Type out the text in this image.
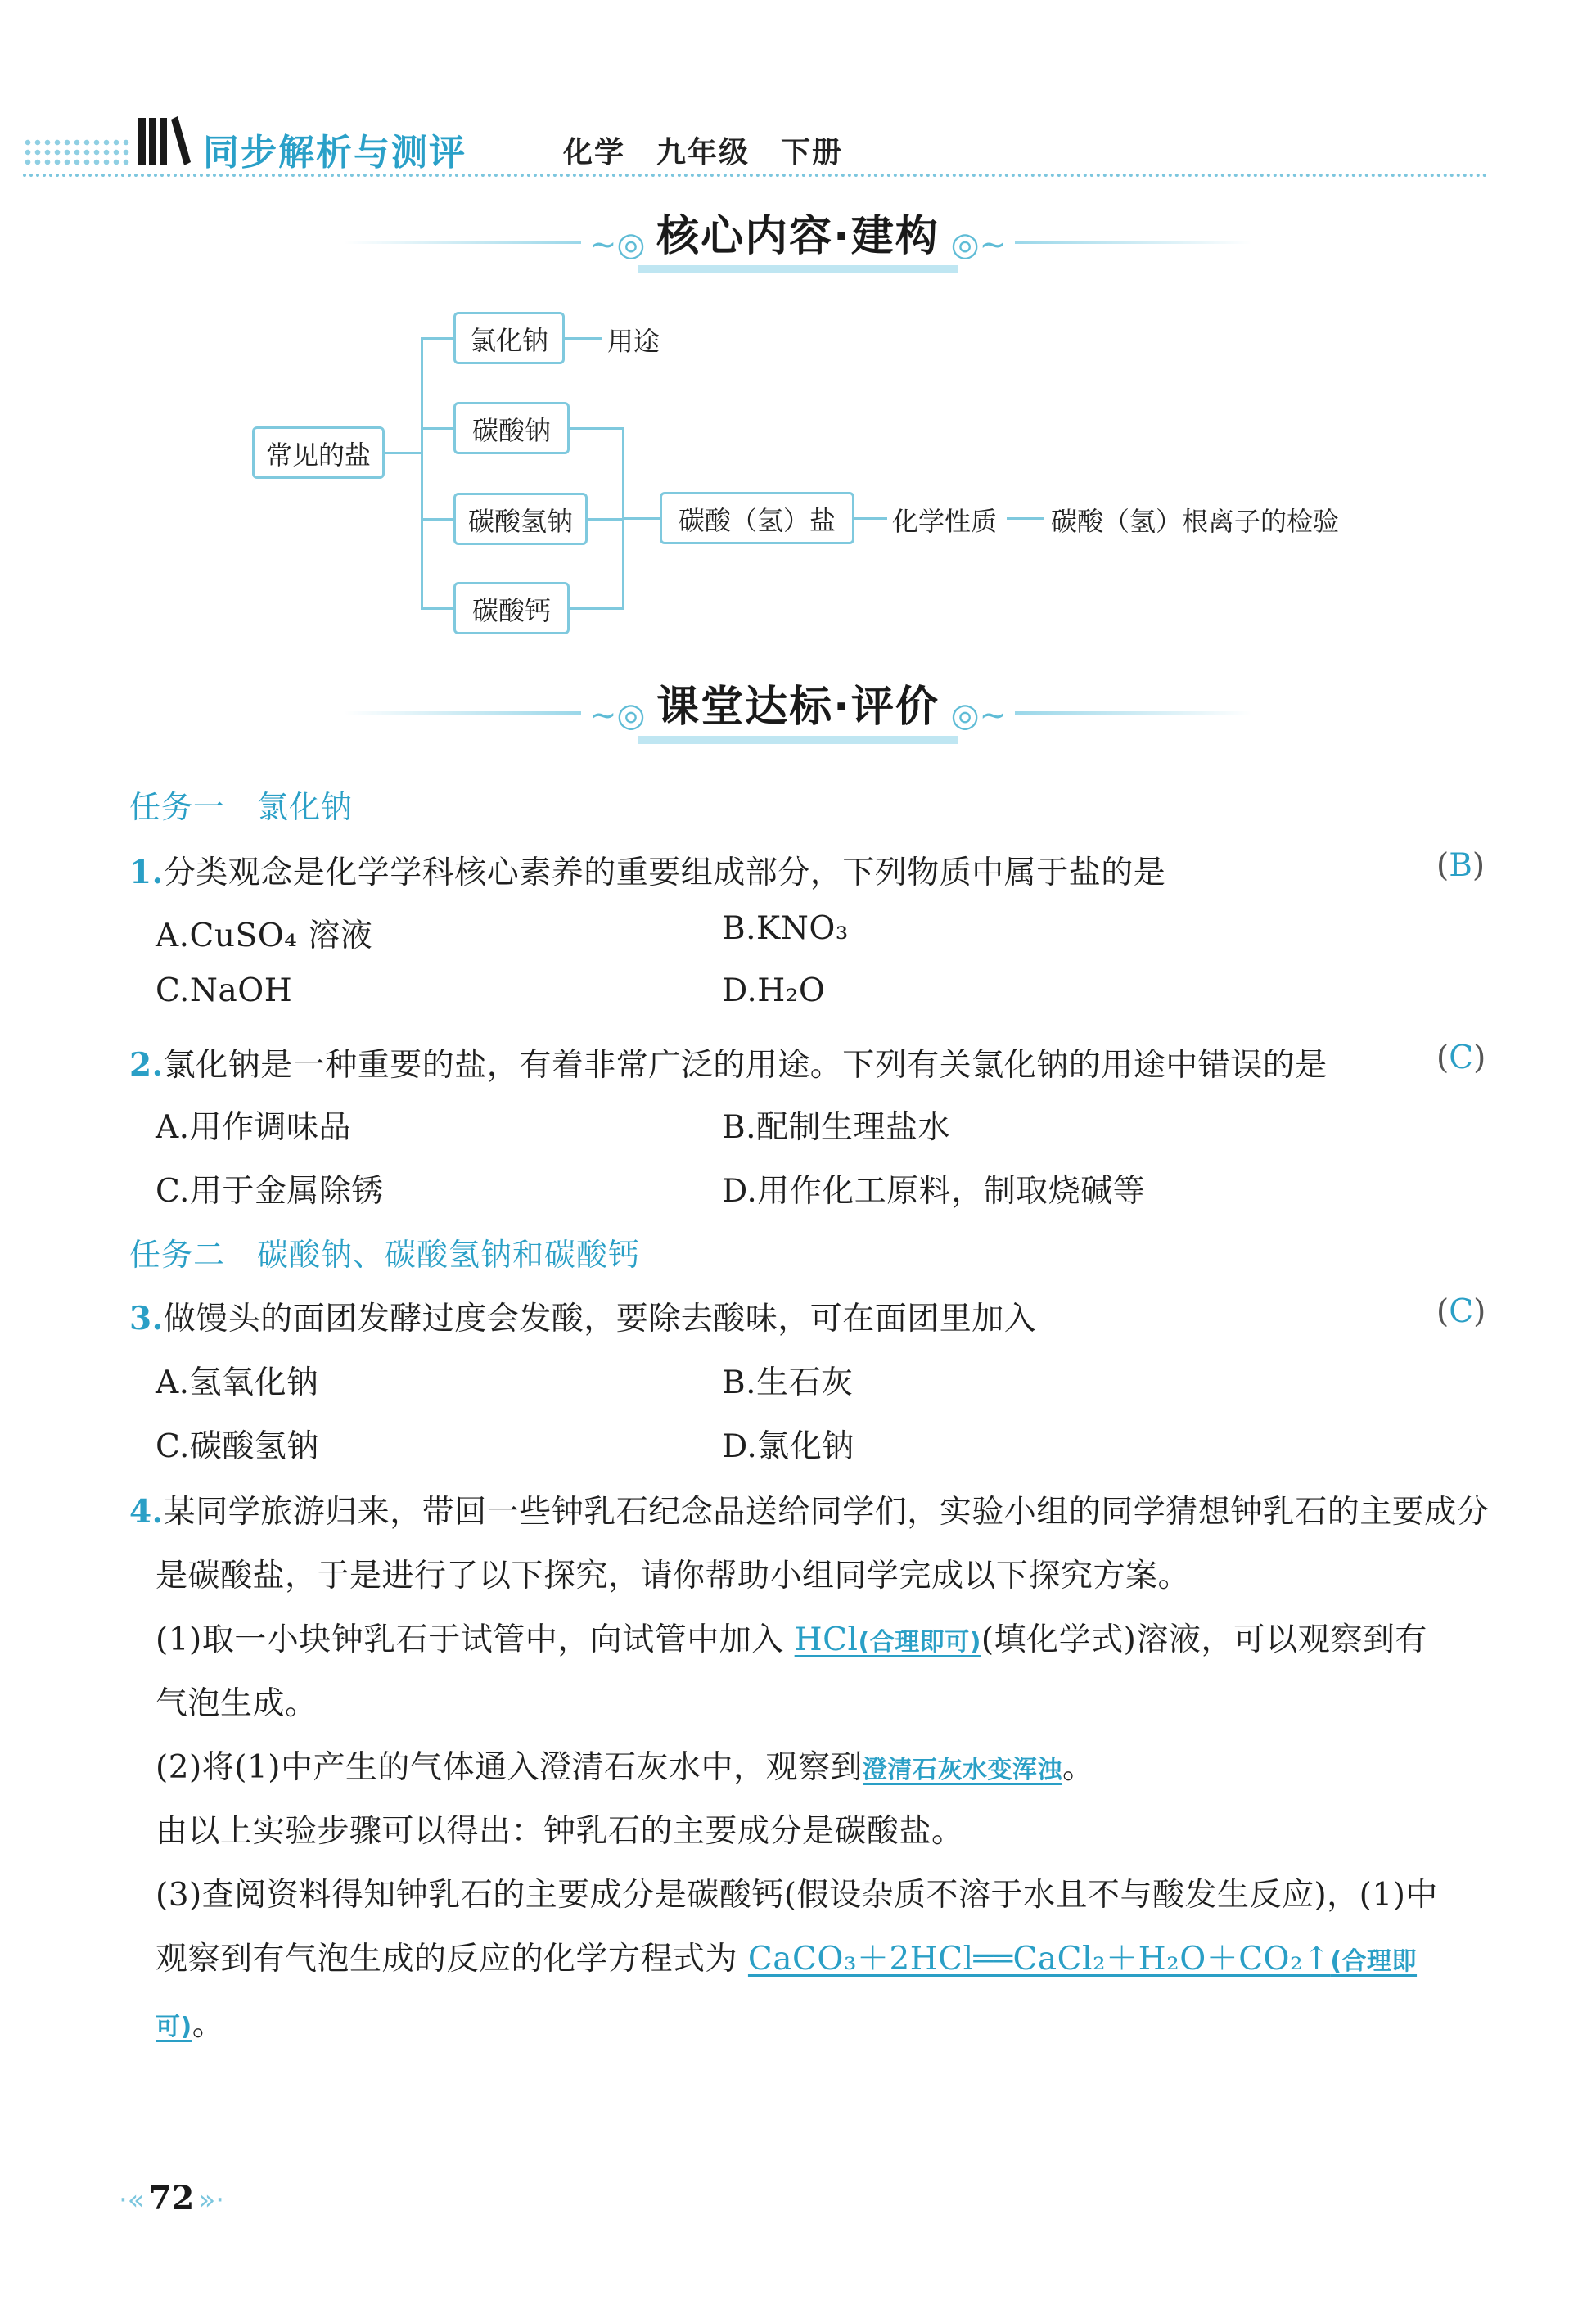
同步解析与测评	化学　九年级　下册
~◎ 核心内容·建构 ◎~
常见的盐
氯化钠
碳酸钠
碳酸氢钠
碳酸钙
用途
碳酸（氢）盐	化学性质 碳酸（氢）根离子的检验
~◎ 课堂达标·评价 ◎~
任务一　氯化钠
1.分类观念是化学学科核心素养的重要组成部分，下列物质中属于盐的是	(B)
A.CuSO₄ 溶液	B.KNO₃
C.NaOH	D.H₂O
2.氯化钠是一种重要的盐，有着非常广泛的用途。下列有关氯化钠的用途中错误的是	(C)
A.用作调味品	B.配制生理盐水
C.用于金属除锈	D.用作化工原料，制取烧碱等
任务二　碳酸钠、碳酸氢钠和碳酸钙
3.做馒头的面团发酵过度会发酸，要除去酸味，可在面团里加入	(C)
A.氢氧化钠	B.生石灰
C.碳酸氢钠	D.氯化钠
4.某同学旅游归来，带回一些钟乳石纪念品送给同学们，实验小组的同学猜想钟乳石的主要成分
是碳酸盐，于是进行了以下探究，请你帮助小组同学完成以下探究方案。
(1)取一小块钟乳石于试管中，向试管中加入 HCl(合理即可)(填化学式)溶液，可以观察到有
气泡生成。
(2)将(1)中产生的气体通入澄清石灰水中，观察到澄清石灰水变浑浊。
由以上实验步骤可以得出：钟乳石的主要成分是碳酸盐。
(3)查阅资料得知钟乳石的主要成分是碳酸钙(假设杂质不溶于水且不与酸发生反应)，(1)中
观察到有气泡生成的反应的化学方程式为 CaCO₃＋2HCl══CaCl₂＋H₂O＋CO₂↑(合理即
可)。
·« 72 »·
